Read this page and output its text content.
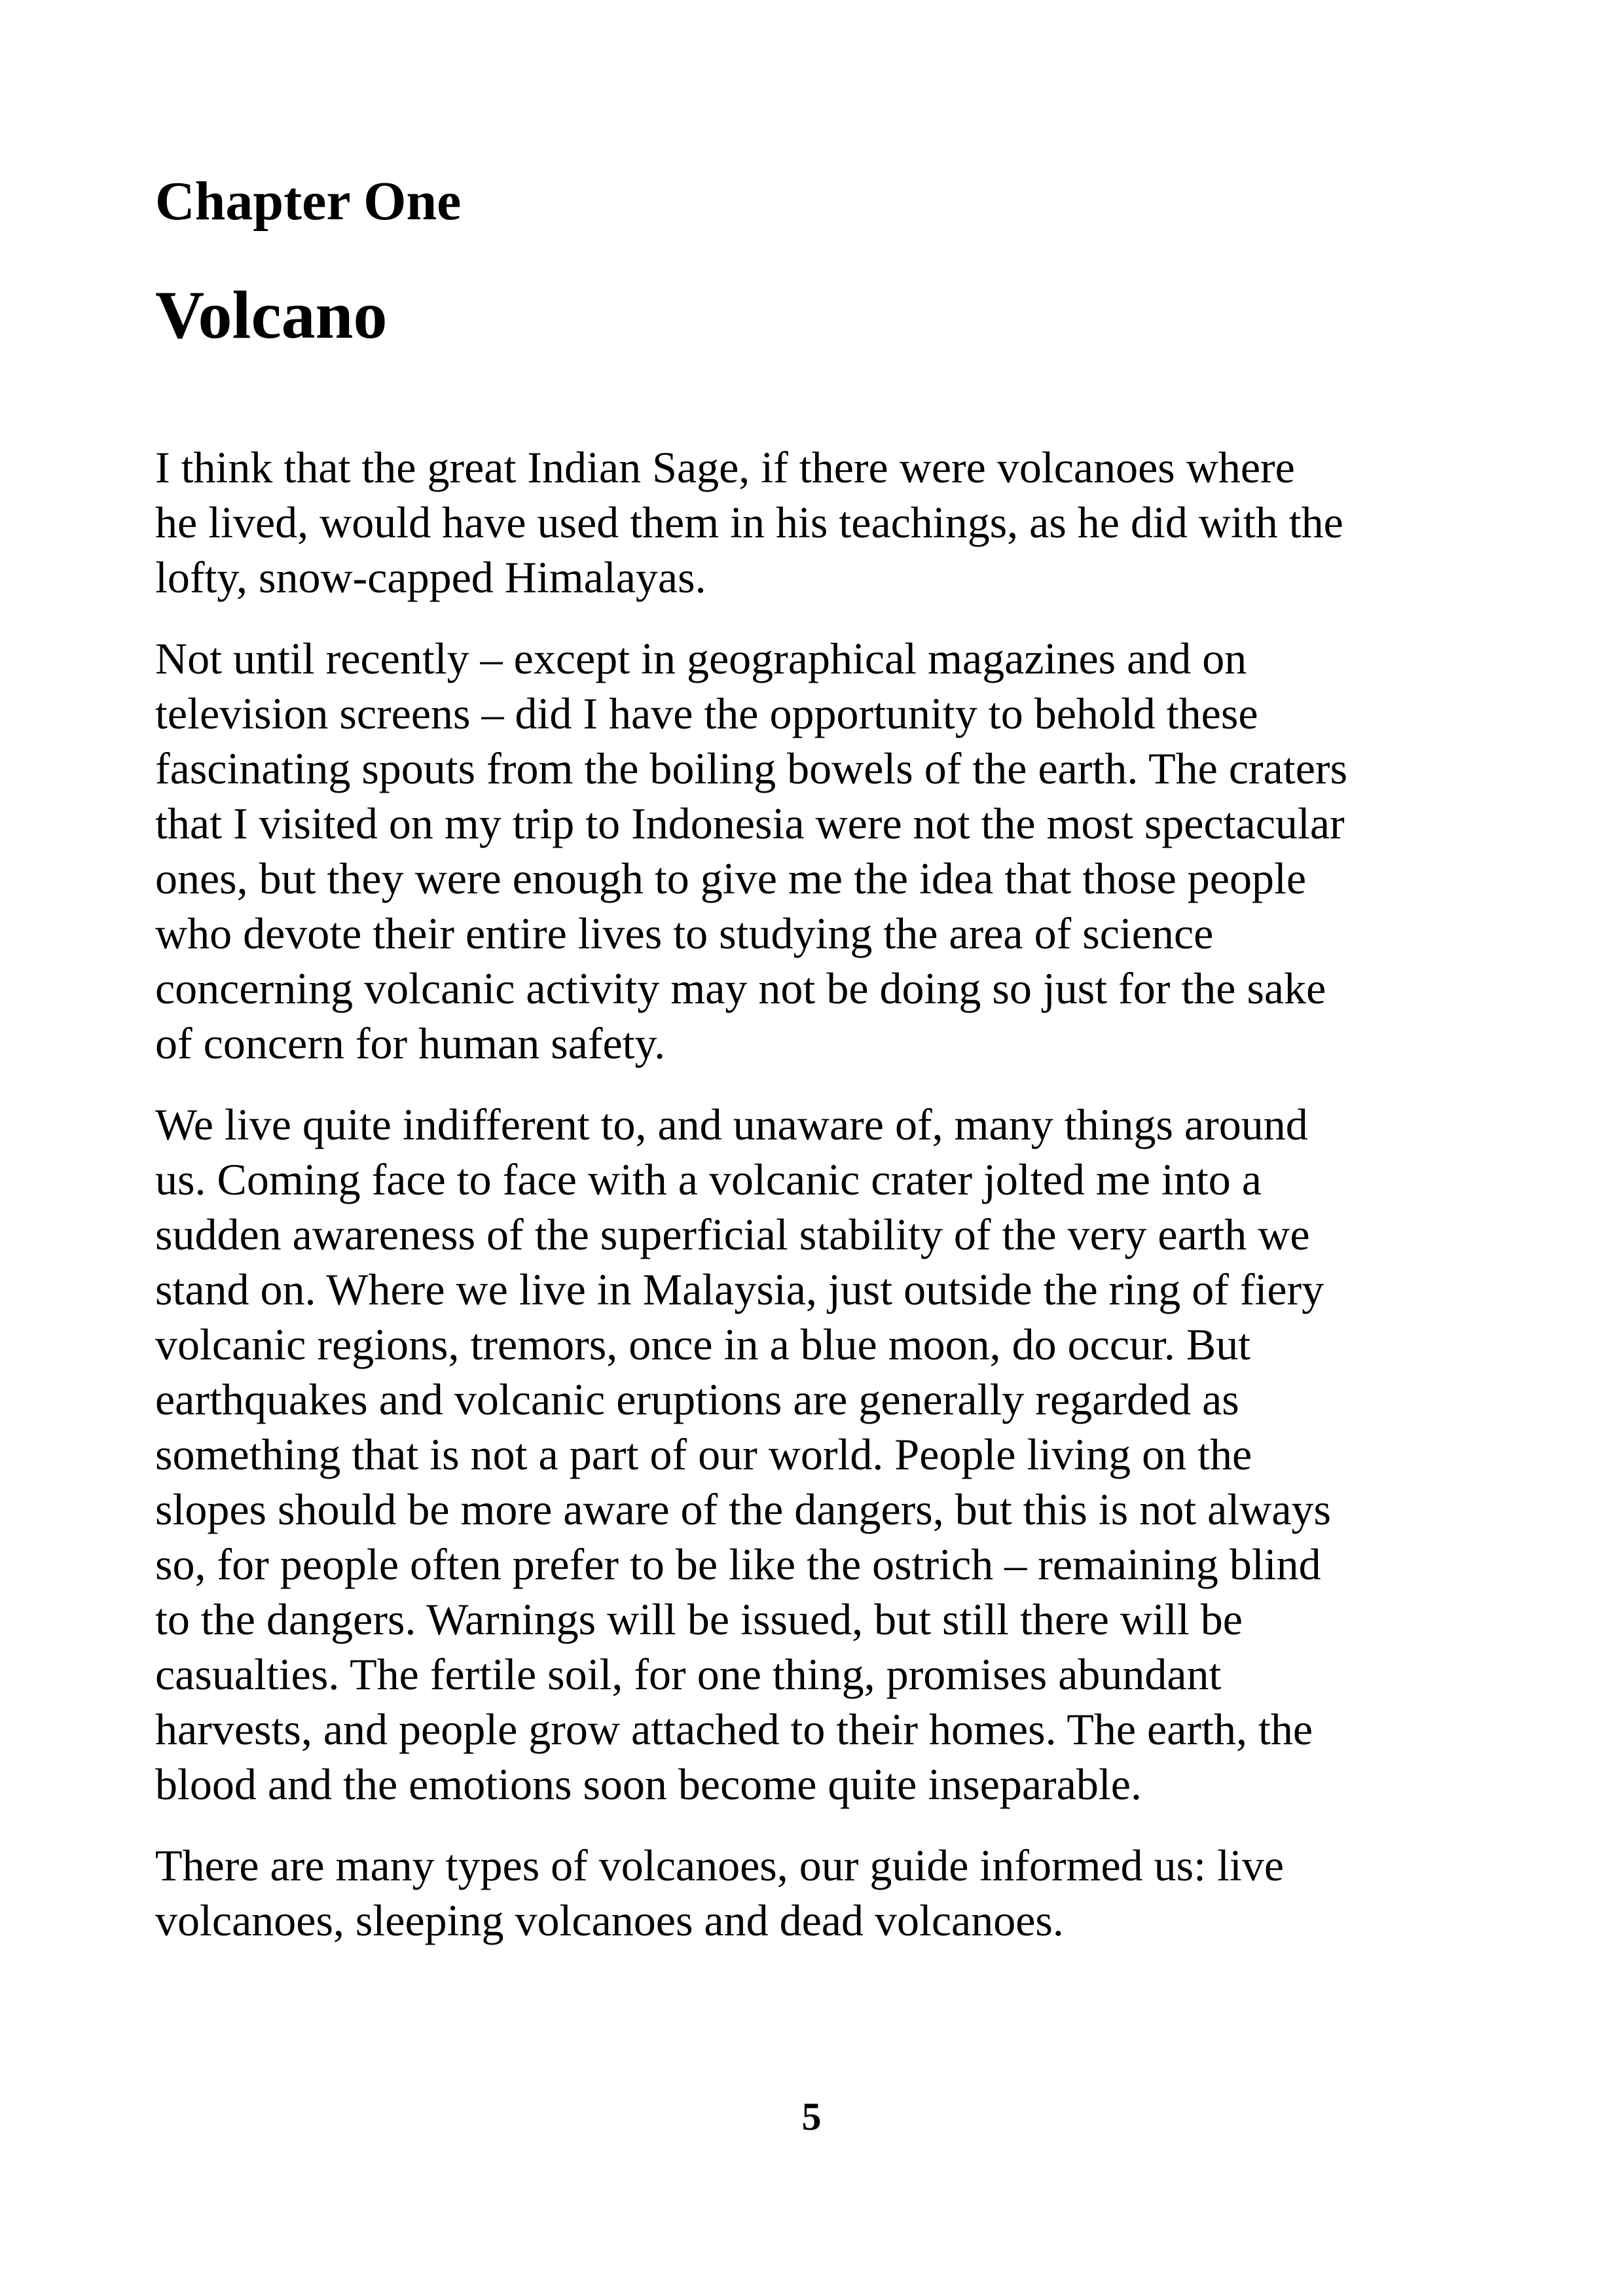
Chapter One
Volcano

I think that the great Indian Sage, if there were volcanoes where
he lived, would have used them in his teachings, as he did with the
lofty, snow-capped Himalayas.

Not until recently – except in geographical magazines and on
television screens – did I have the opportunity to behold these
fascinating spouts from the boiling bowels of the earth. The craters
that I visited on my trip to Indonesia were not the most spectacular
ones, but they were enough to give me the idea that those people
who devote their entire lives to studying the area of science
concerning volcanic activity may not be doing so just for the sake
of concern for human safety.

We live quite indifferent to, and unaware of, many things around
us. Coming face to face with a volcanic crater jolted me into a
sudden awareness of the superficial stability of the very earth we
stand on. Where we live in Malaysia, just outside the ring of fiery
volcanic regions, tremors, once in a blue moon, do occur. But
earthquakes and volcanic eruptions are generally regarded as
something that is not a part of our world. People living on the
slopes should be more aware of the dangers, but this is not always
so, for people often prefer to be like the ostrich – remaining blind
to the dangers. Warnings will be issued, but still there will be
casualties. The fertile soil, for one thing, promises abundant
harvests, and people grow attached to their homes. The earth, the
blood and the emotions soon become quite inseparable.

There are many types of volcanoes, our guide informed us: live
volcanoes, sleeping volcanoes and dead volcanoes.

5
